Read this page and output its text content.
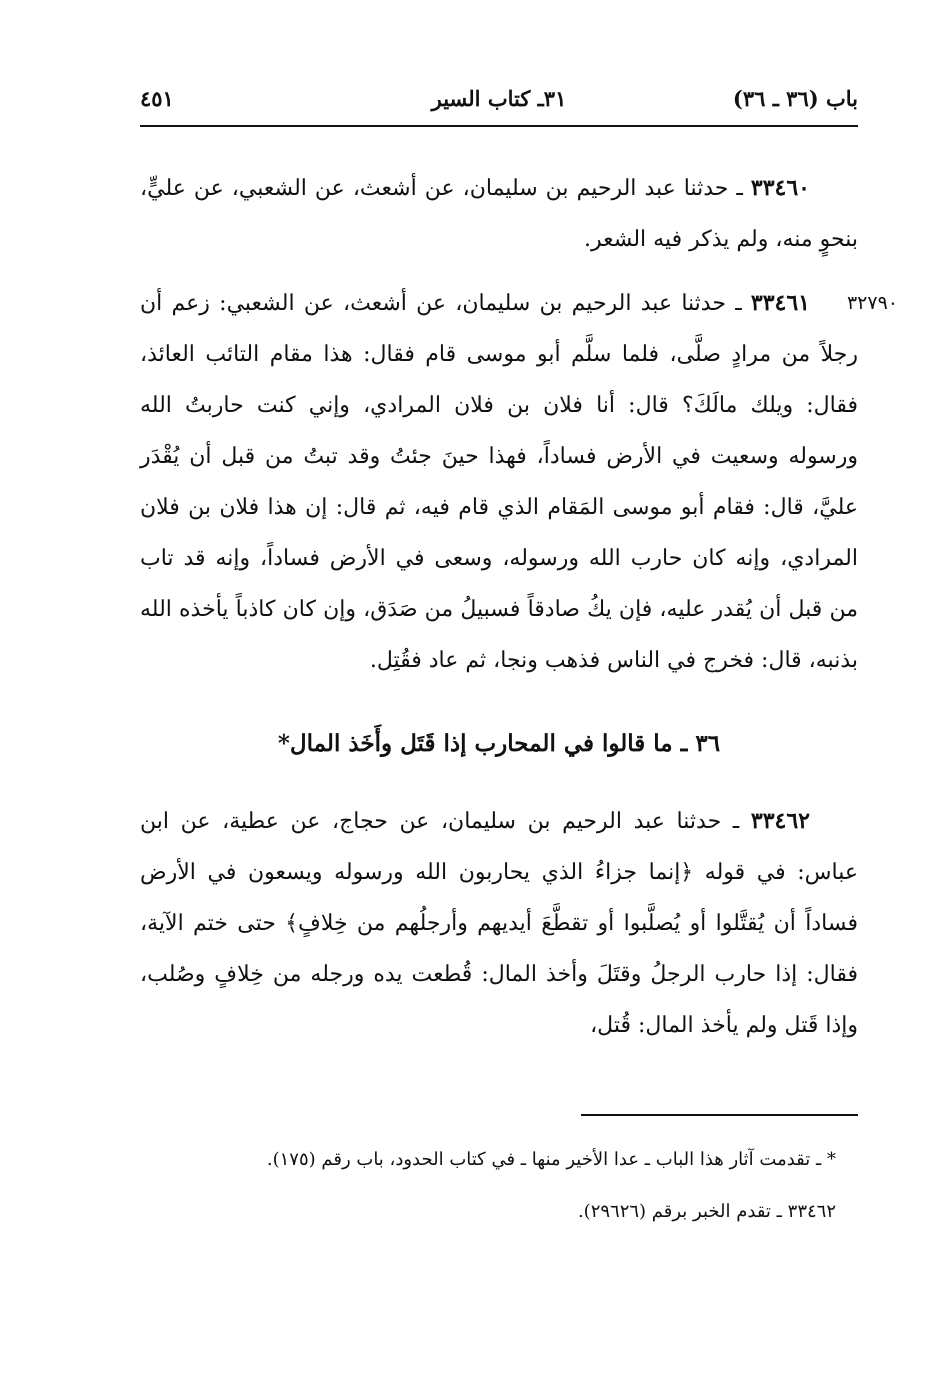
باب (٣٦ ـ ٣٦)
٣١ـ كتاب السير
٤٥١

٣٣٤٦٠ ـ حدثنا عبد الرحيم بن سليمان، عن أشعث، عن الشعبي، عن عليٍّ، بنحوٍ منه، ولم يذكر فيه الشعر.

٣٢٧٩٠
٣٣٤٦١ ـ حدثنا عبد الرحيم بن سليمان، عن أشعث، عن الشعبي: زعم أن رجلاً من مرادٍ صلَّى، فلما سلَّم أبو موسى قام فقال: هذا مقام التائب العائذ، فقال: ويلك مالَكَ؟ قال: أنا فلان بن فلان المرادي، وإني كنت حاربتُ الله ورسوله وسعيت في الأرض فساداً، فهذا حينَ جئتُ وقد تبتُ من قبل أن يُقْدَر عليَّ، قال: فقام أبو موسى المَقام الذي قام فيه، ثم قال: إن هذا فلان بن فلان المرادي، وإنه كان حارب الله ورسوله، وسعى في الأرض فساداً، وإنه قد تاب من قبل أن يُقدر عليه، فإن يكُ صادقاً فسبيلُ من صَدَق، وإن كان كاذباً يأخذه الله بذنبه، قال: فخرج في الناس فذهب ونجا، ثم عاد فقُتِل.

٣٦ ـ ما قالوا في المحارب إذا قَتَل وأَخَذ المال*

٣٣٤٦٢ ـ حدثنا عبد الرحيم بن سليمان، عن حجاج، عن عطية، عن ابن عباس: في قوله ﴿إنما جزاءُ الذي يحاربون الله ورسوله ويسعون في الأرض فساداً أن يُقتَّلوا أو يُصلَّبوا أو تقطَّعَ أيديهم وأرجلُهم من خِلافٍ﴾ حتى ختم الآية، فقال: إذا حارب الرجلُ وقتَلَ وأخذ المال: قُطعت يده ورجله من خِلافٍ وصُلب، وإذا قَتل ولم يأخذ المال: قُتل،

* ـ تقدمت آثار هذا الباب ـ عدا الأخير منها ـ في كتاب الحدود، باب رقم (١٧٥).

٣٣٤٦٢ ـ تقدم الخبر برقم (٢٩٦٢٦).
